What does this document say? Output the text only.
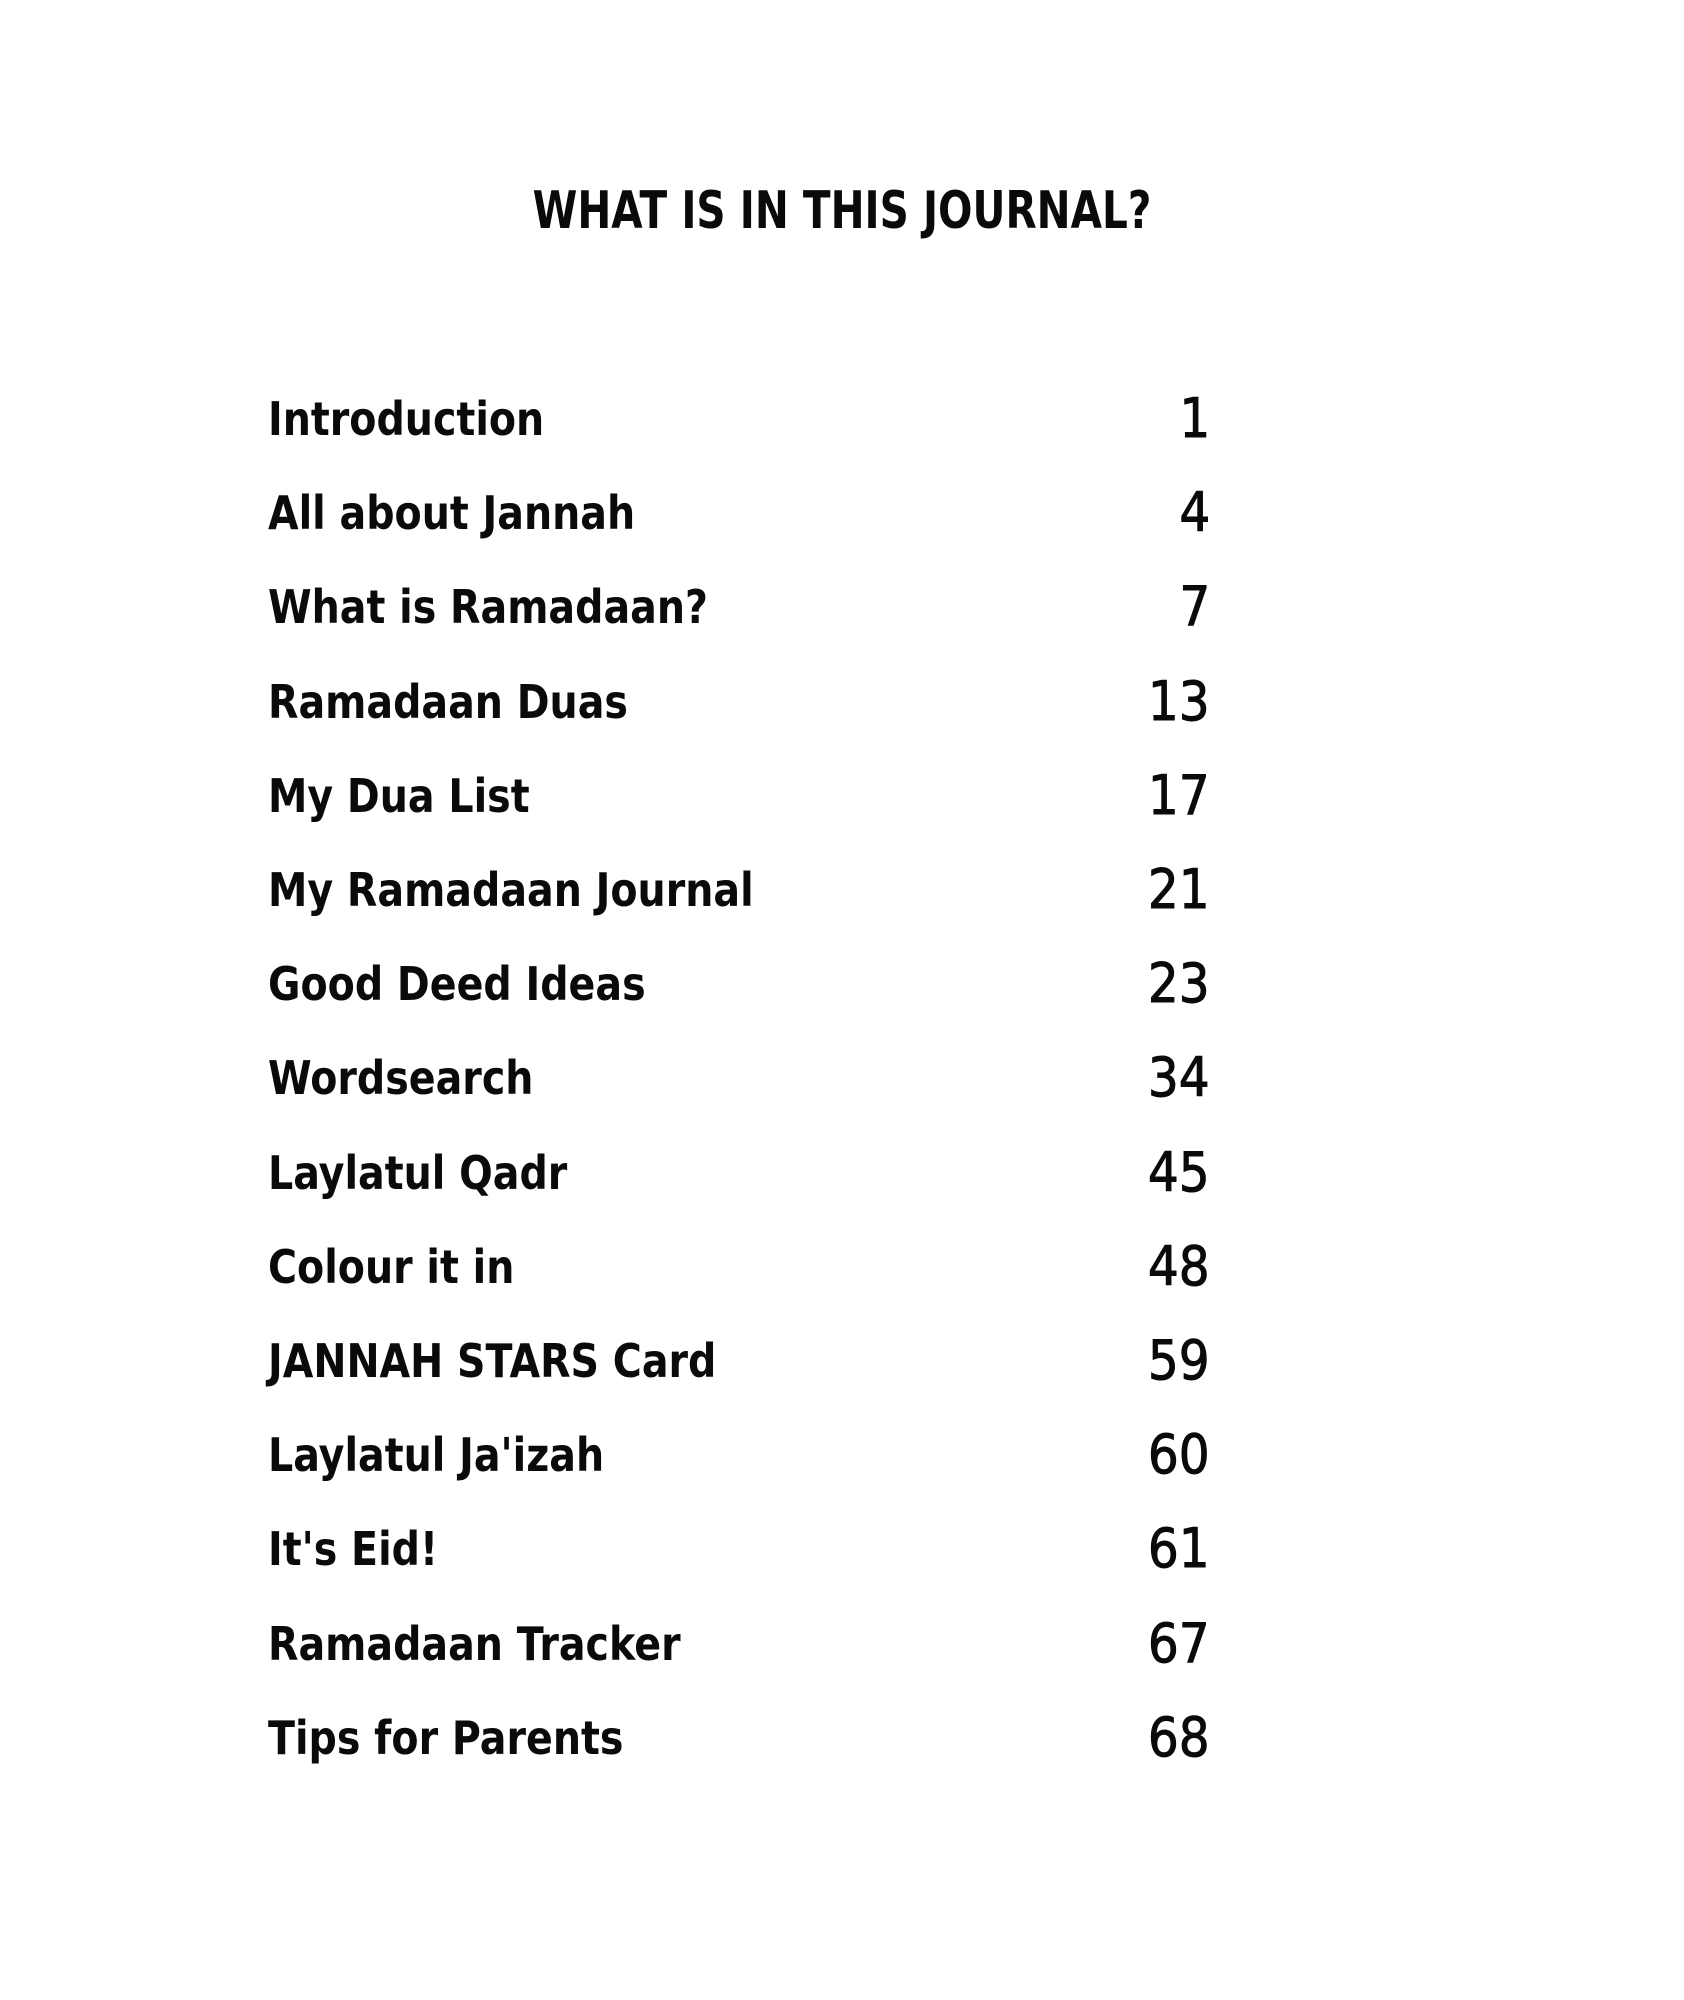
WHAT IS IN THIS JOURNAL?
Introduction	1
All about Jannah	4
What is Ramadaan?	7
Ramadaan Duas	13
My Dua List	17
My Ramadaan Journal	21
Good Deed Ideas	23
Wordsearch	34
Laylatul Qadr	45
Colour it in	48
JANNAH STARS Card	59
Laylatul Ja'izah	60
It's Eid!	61
Ramadaan Tracker	67
Tips for Parents	68
